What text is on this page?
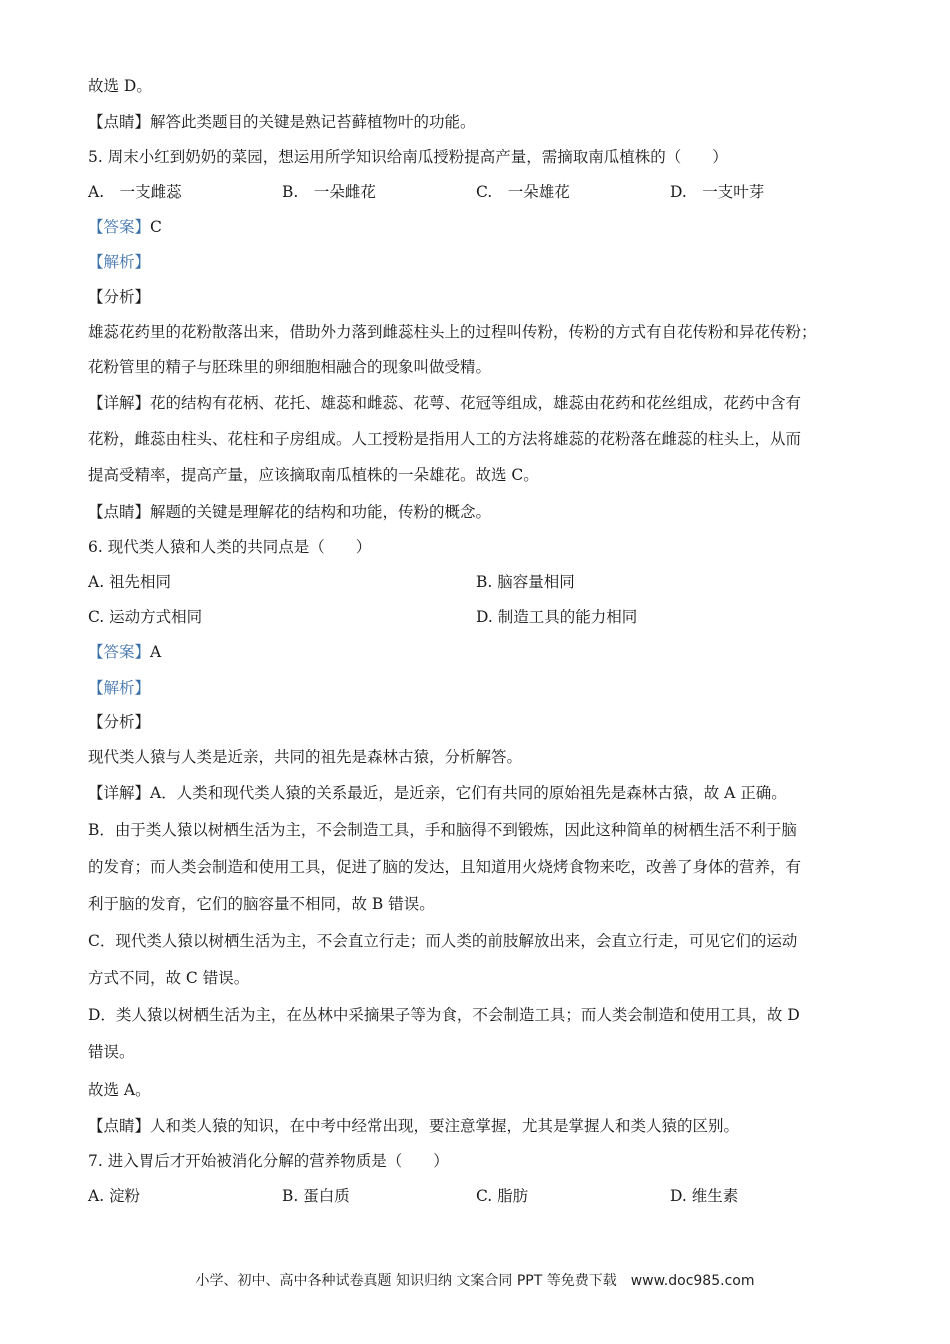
故选 D。
【点睛】解答此类题目的关键是熟记苔藓植物叶的功能。
5. 周末小红到奶奶的菜园，想运用所学知识给南瓜授粉提高产量，需摘取南瓜植株的（　　）
A.　一支雌蕊	B.　一朵雌花	C.　一朵雄花	D.　一支叶芽
【答案】C
【解析】
【分析】
雄蕊花药里的花粉散落出来，借助外力落到雌蕊柱头上的过程叫传粉，传粉的方式有自花传粉和异花传粉；
花粉管里的精子与胚珠里的卵细胞相融合的现象叫做受精。
【详解】花的结构有花柄、花托、雄蕊和雌蕊、花萼、花冠等组成，雄蕊由花药和花丝组成，花药中含有
花粉，雌蕊由柱头、花柱和子房组成。人工授粉是指用人工的方法将雄蕊的花粉落在雌蕊的柱头上，从而
提高受精率，提高产量，应该摘取南瓜植株的一朵雄花。故选 C。
【点睛】解题的关键是理解花的结构和功能，传粉的概念。
6. 现代类人猿和人类的共同点是（　　）
A. 祖先相同	B. 脑容量相同
C. 运动方式相同	D. 制造工具的能力相同
【答案】A
【解析】
【分析】
现代类人猿与人类是近亲，共同的祖先是森林古猿，分析解答。
【详解】A．人类和现代类人猿的关系最近，是近亲，它们有共同的原始祖先是森林古猿，故 A 正确。
B．由于类人猿以树栖生活为主，不会制造工具，手和脑得不到锻炼，因此这种简单的树栖生活不利于脑
的发育；而人类会制造和使用工具，促进了脑的发达，且知道用火烧烤食物来吃，改善了身体的营养，有
利于脑的发育，它们的脑容量不相同，故 B 错误。
C．现代类人猿以树栖生活为主，不会直立行走；而人类的前肢解放出来，会直立行走，可见它们的运动
方式不同，故 C 错误。
D．类人猿以树栖生活为主，在丛林中采摘果子等为食，不会制造工具；而人类会制造和使用工具，故 D
错误。
故选 A。
【点睛】人和类人猿的知识，在中考中经常出现，要注意掌握，尤其是掌握人和类人猿的区别。
7. 进入胃后才开始被消化分解的营养物质是（　　）
A. 淀粉	B. 蛋白质	C. 脂肪	D. 维生素
小学、初中、高中各种试卷真题 知识归纳 文案合同 PPT 等免费下载　www.doc985.com
